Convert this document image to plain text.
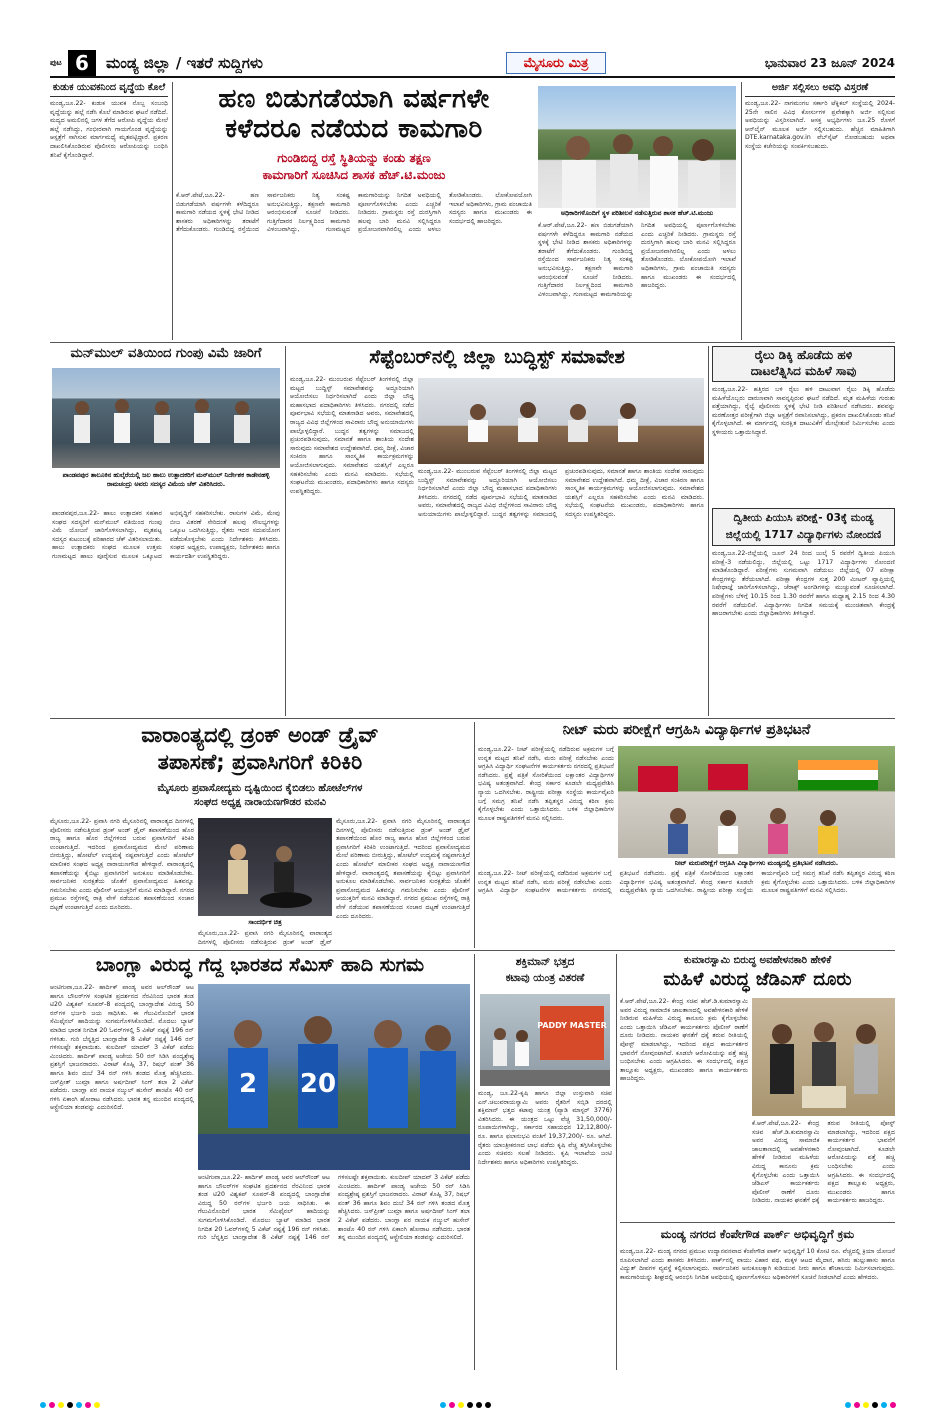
ಪುಟ 6	ಮಂಡ್ಯ ಜಿಲ್ಲಾ / ಇತರೆ ಸುದ್ದಿಗಳು	ಮೈಸೂರು ಮಿತ್ರ	ಭಾನುವಾರ 23 ಜೂನ್ 2024
ಕುಡುಕ ಯುವಕನಿಂದ ವೃದ್ಧೆಯ ಕೊಲೆ
ಮಂಡ್ಯ,ಜೂ.22- ಕುಡುಕ ಯುವಕ ನೊಬ್ಬ ಸಂಬಂಧಿ ವೃದ್ಧೆಯನ್ನು ಹಲ್ಲೆ ನಡೆಸಿ ಕೊಲೆ ಮಾಡಿರುವ ಘಟನೆ ನಡೆದಿದೆ. ಮದ್ಯದ ಅಮಲಿನಲ್ಲಿ ಜಗಳ ತೆಗೆದ ಆರೋಪಿ ವೃದ್ಧೆಯ ಮೇಲೆ ಹಲ್ಲೆ ನಡೆಸಿದ್ದು, ಗಂಭೀರವಾಗಿ ಗಾಯಗೊಂಡ ವೃದ್ಧೆಯನ್ನು ಆಸ್ಪತ್ರೆಗೆ ಸಾಗಿಸುವ ಮಾರ್ಗಮಧ್ಯೆ ಮೃತಪಟ್ಟಿದ್ದಾರೆ. ಪ್ರಕರಣ ದಾಖಲಿಸಿಕೊಂಡಿರುವ ಪೊಲೀಸರು ಆರೋಪಿಯನ್ನು ಬಂಧಿಸಿ ತನಿಖೆ ಕೈಗೊಂಡಿದ್ದಾರೆ.
ಹಣ ಬಿಡುಗಡೆಯಾಗಿ ವರ್ಷಗಳೇ
ಕಳೆದರೂ ನಡೆಯದ ಕಾಮಗಾರಿ
ಗುಂಡಿಬಿದ್ದ ರಸ್ತೆ ಸ್ಥಿತಿಯನ್ನು ಕಂಡು ತಕ್ಷಣ
ಕಾಮಗಾರಿಗೆ ಸೂಚಿಸಿದ ಶಾಸಕ ಹೆಚ್.ಟಿ.ಮಂಜು
ಕೆ.ಆರ್.ಪೇಟೆ,ಜೂ.22- ಹಣ ಬಿಡುಗಡೆಯಾಗಿ ವರ್ಷಗಳೇ ಕಳೆದಿದ್ದರೂ ಕಾಮಗಾರಿ ನಡೆಯದ ಸ್ಥಳಕ್ಕೆ ಭೇಟಿ ನೀಡಿದ ಶಾಸಕರು ಅಧಿಕಾರಿಗಳನ್ನು ತರಾಟೆಗೆ ತೆಗೆದುಕೊಂಡರು. ಗುಂಡಿಬಿದ್ದ ರಸ್ತೆಯಿಂದ ಸಾರ್ವಜನಿಕರು ನಿತ್ಯ ಸಂಕಷ್ಟ ಅನುಭವಿಸುತ್ತಿದ್ದು, ತಕ್ಷಣವೇ ಕಾಮಗಾರಿ ಆರಂಭಿಸುವಂತೆ ಸೂಚನೆ ನೀಡಿದರು. ಗುತ್ತಿಗೆದಾರರ ನಿರ್ಲಕ್ಷ್ಯದಿಂದ ಕಾಮಗಾರಿ ವಿಳಂಬವಾಗಿದ್ದು, ಗುಣಮಟ್ಟದ ಕಾಮಗಾರಿಯನ್ನು ನಿಗದಿತ ಅವಧಿಯಲ್ಲಿ ಪೂರ್ಣಗೊಳಿಸಬೇಕು ಎಂದು ಎಚ್ಚರಿಕೆ ನೀಡಿದರು. ಗ್ರಾಮಸ್ಥರು ರಸ್ತೆ ದುರಸ್ತಿಗಾಗಿ ಹಲವು ಬಾರಿ ಮನವಿ ಸಲ್ಲಿಸಿದ್ದರೂ ಪ್ರಯೋಜನವಾಗಿರಲಿಲ್ಲ ಎಂದು ಅಳಲು ತೋಡಿಕೊಂಡರು. ಲೋಕೋಪಯೋಗಿ ಇಲಾಖೆ ಅಧಿಕಾರಿಗಳು, ಗ್ರಾಮ ಪಂಚಾಯಿತಿ ಸದಸ್ಯರು ಹಾಗೂ ಮುಖಂಡರು ಈ ಸಂದರ್ಭದಲ್ಲಿ ಹಾಜರಿದ್ದರು.
ಅಧಿಕಾರಿಗಳೊಂದಿಗೆ ಸ್ಥಳ ಪರಿಶೀಲನೆ ನಡೆಸುತ್ತಿರುವ ಶಾಸಕ ಹೆಚ್.ಟಿ.ಮಂಜು
ಕೆ.ಆರ್.ಪೇಟೆ,ಜೂ.22- ಹಣ ಬಿಡುಗಡೆಯಾಗಿ ವರ್ಷಗಳೇ ಕಳೆದಿದ್ದರೂ ಕಾಮಗಾರಿ ನಡೆಯದ ಸ್ಥಳಕ್ಕೆ ಭೇಟಿ ನೀಡಿದ ಶಾಸಕರು ಅಧಿಕಾರಿಗಳನ್ನು ತರಾಟೆಗೆ ತೆಗೆದುಕೊಂಡರು. ಗುಂಡಿಬಿದ್ದ ರಸ್ತೆಯಿಂದ ಸಾರ್ವಜನಿಕರು ನಿತ್ಯ ಸಂಕಷ್ಟ ಅನುಭವಿಸುತ್ತಿದ್ದು, ತಕ್ಷಣವೇ ಕಾಮಗಾರಿ ಆರಂಭಿಸುವಂತೆ ಸೂಚನೆ ನೀಡಿದರು. ಗುತ್ತಿಗೆದಾರರ ನಿರ್ಲಕ್ಷ್ಯದಿಂದ ಕಾಮಗಾರಿ ವಿಳಂಬವಾಗಿದ್ದು, ಗುಣಮಟ್ಟದ ಕಾಮಗಾರಿಯನ್ನು ನಿಗದಿತ ಅವಧಿಯಲ್ಲಿ ಪೂರ್ಣಗೊಳಿಸಬೇಕು ಎಂದು ಎಚ್ಚರಿಕೆ ನೀಡಿದರು. ಗ್ರಾಮಸ್ಥರು ರಸ್ತೆ ದುರಸ್ತಿಗಾಗಿ ಹಲವು ಬಾರಿ ಮನವಿ ಸಲ್ಲಿಸಿದ್ದರೂ ಪ್ರಯೋಜನವಾಗಿರಲಿಲ್ಲ ಎಂದು ಅಳಲು ತೋಡಿಕೊಂಡರು. ಲೋಕೋಪಯೋಗಿ ಇಲಾಖೆ ಅಧಿಕಾರಿಗಳು, ಗ್ರಾಮ ಪಂಚಾಯಿತಿ ಸದಸ್ಯರು ಹಾಗೂ ಮುಖಂಡರು ಈ ಸಂದರ್ಭದಲ್ಲಿ ಹಾಜರಿದ್ದರು.
ಅರ್ಜಿ ಸಲ್ಲಿಸಲು ಅವಧಿ ವಿಸ್ತರಣೆ
ಮಂಡ್ಯ,ಜೂ.22- ನಾಗಮಂಗಲ ಸರ್ಕಾರಿ ಟೆಕ್ನಿಕಲ್ ಸಂಸ್ಥೆಯಲ್ಲಿ 2024-25ನೇ ಸಾಲಿನ ವಿವಿಧ ಕೋರ್ಸುಗಳ ಪ್ರವೇಶಕ್ಕಾಗಿ ಅರ್ಜಿ ಸಲ್ಲಿಸುವ ಅವಧಿಯನ್ನು ವಿಸ್ತರಿಸಲಾಗಿದೆ. ಆಸಕ್ತ ಅಭ್ಯರ್ಥಿಗಳು ಜೂ.25 ರೊಳಗೆ ಆನ್‌ಲೈನ್ ಮೂಲಕ ಅರ್ಜಿ ಸಲ್ಲಿಸಬಹುದು. ಹೆಚ್ಚಿನ ಮಾಹಿತಿಗಾಗಿ DTE.karnataka.gov.in ವೆಬ್‌ಸೈಟ್ ನೋಡಬಹುದು ಅಥವಾ ಸಂಸ್ಥೆಯ ಕಚೇರಿಯನ್ನು ಸಂಪರ್ಕಿಸಬಹುದು.
ಮನ್‌ಮುಲ್ ವತಿಯಿಂದ ಗುಂಪು ವಿಮೆ ಜಾರಿಗೆ
ಪಾಂಡವಪುರ ತಾಲೂಕಿನ ಹುಲ್ಕೆರೆಯಲ್ಲಿ ಜಲ ಹಾಲು ಉತ್ಪಾದಕರಿಗೆ ಮನ್‌ಮುಲ್ ನಿರ್ದೇಶಕ ಕಾಡೇನಹಳ್ಳಿ ರಾಮಚಂದ್ರು ಅವರು ಸದಸ್ಯರ ವಿಮೆಯ ಚೆಕ್ ವಿತರಿಸಿದರು.
ಪಾಂಡವಪುರ,ಜೂ.22- ಹಾಲು ಉತ್ಪಾದಕರ ಸಹಕಾರ ಸಂಘದ ಸದಸ್ಯರಿಗೆ ಮನ್‌ಮುಲ್ ವತಿಯಿಂದ ಗುಂಪು ವಿಮೆ ಯೋಜನೆ ಜಾರಿಗೊಳಿಸಲಾಗಿದ್ದು, ಮೃತಪಟ್ಟ ಸದಸ್ಯರ ಕುಟುಂಬಕ್ಕೆ ಪರಿಹಾರದ ಚೆಕ್ ವಿತರಿಸಲಾಯಿತು. ಹಾಲು ಉತ್ಪಾದಕರು ಸಂಘದ ಮೂಲಕ ಉತ್ತಮ ಗುಣಮಟ್ಟದ ಹಾಲು ಪೂರೈಸುವ ಮೂಲಕ ಒಕ್ಕೂಟದ ಅಭಿವೃದ್ಧಿಗೆ ಸಹಕರಿಸಬೇಕು. ರಾಸುಗಳ ವಿಮೆ, ಮೇವು ಬೀಜ ವಿತರಣೆ ಸೇರಿದಂತೆ ಹಲವು ಸೌಲಭ್ಯಗಳನ್ನು ಒಕ್ಕೂಟ ಒದಗಿಸುತ್ತಿದ್ದು, ರೈತರು ಇದರ ಸದುಪಯೋಗ ಪಡೆದುಕೊಳ್ಳಬೇಕು ಎಂದು ನಿರ್ದೇಶಕರು ತಿಳಿಸಿದರು. ಸಂಘದ ಅಧ್ಯಕ್ಷರು, ಉಪಾಧ್ಯಕ್ಷರು, ನಿರ್ದೇಶಕರು ಹಾಗೂ ಕಾರ್ಯದರ್ಶಿ ಉಪಸ್ಥಿತರಿದ್ದರು.
ಸೆಪ್ಟೆಂಬರ್‌ನಲ್ಲಿ ಜಿಲ್ಲಾ ಬುದ್ಧಿಸ್ಟ್ ಸಮಾವೇಶ
ಮಂಡ್ಯ,ಜೂ.22- ಮುಂಬರುವ ಸೆಪ್ಟೆಂಬರ್ ತಿಂಗಳಿನಲ್ಲಿ ಜಿಲ್ಲಾ ಮಟ್ಟದ ಬುದ್ಧಿಸ್ಟ್ ಸಮಾವೇಶವನ್ನು ಅದ್ಧೂರಿಯಾಗಿ ಆಯೋಜಿಸಲು ನಿರ್ಧರಿಸಲಾಗಿದೆ ಎಂದು ಜಿಲ್ಲಾ ಬೌದ್ಧ ಮಹಾಸಭಾದ ಪದಾಧಿಕಾರಿಗಳು ತಿಳಿಸಿದರು. ನಗರದಲ್ಲಿ ನಡೆದ ಪೂರ್ವಭಾವಿ ಸಭೆಯಲ್ಲಿ ಮಾತನಾಡಿದ ಅವರು, ಸಮಾವೇಶದಲ್ಲಿ ರಾಜ್ಯದ ವಿವಿಧ ಜಿಲ್ಲೆಗಳಿಂದ ಸಾವಿರಾರು ಬೌದ್ಧ ಅನುಯಾಯಿಗಳು ಪಾಲ್ಗೊಳ್ಳಲಿದ್ದಾರೆ. ಬುದ್ಧನ ತತ್ವಗಳನ್ನು ಸಮಾಜದಲ್ಲಿ ಪ್ರಚುರಪಡಿಸುವುದು, ಸಮಾನತೆ ಹಾಗೂ ಶಾಂತಿಯ ಸಂದೇಶ ಸಾರುವುದು ಸಮಾವೇಶದ ಉದ್ದೇಶವಾಗಿದೆ. ಧಮ್ಮ ದೀಕ್ಷೆ, ವಿಚಾರ ಸಂಕಿರಣ ಹಾಗೂ ಸಾಂಸ್ಕೃತಿಕ ಕಾರ್ಯಕ್ರಮಗಳನ್ನು ಆಯೋಜಿಸಲಾಗುವುದು. ಸಮಾವೇಶದ ಯಶಸ್ಸಿಗೆ ಎಲ್ಲರೂ ಸಹಕರಿಸಬೇಕು ಎಂದು ಮನವಿ ಮಾಡಿದರು. ಸಭೆಯಲ್ಲಿ ಸಂಘಟನೆಯ ಮುಖಂಡರು, ಪದಾಧಿಕಾರಿಗಳು ಹಾಗೂ ಸದಸ್ಯರು ಉಪಸ್ಥಿತರಿದ್ದರು.
ಮಂಡ್ಯ,ಜೂ.22- ಮುಂಬರುವ ಸೆಪ್ಟೆಂಬರ್ ತಿಂಗಳಿನಲ್ಲಿ ಜಿಲ್ಲಾ ಮಟ್ಟದ ಬುದ್ಧಿಸ್ಟ್ ಸಮಾವೇಶವನ್ನು ಅದ್ಧೂರಿಯಾಗಿ ಆಯೋಜಿಸಲು ನಿರ್ಧರಿಸಲಾಗಿದೆ ಎಂದು ಜಿಲ್ಲಾ ಬೌದ್ಧ ಮಹಾಸಭಾದ ಪದಾಧಿಕಾರಿಗಳು ತಿಳಿಸಿದರು. ನಗರದಲ್ಲಿ ನಡೆದ ಪೂರ್ವಭಾವಿ ಸಭೆಯಲ್ಲಿ ಮಾತನಾಡಿದ ಅವರು, ಸಮಾವೇಶದಲ್ಲಿ ರಾಜ್ಯದ ವಿವಿಧ ಜಿಲ್ಲೆಗಳಿಂದ ಸಾವಿರಾರು ಬೌದ್ಧ ಅನುಯಾಯಿಗಳು ಪಾಲ್ಗೊಳ್ಳಲಿದ್ದಾರೆ. ಬುದ್ಧನ ತತ್ವಗಳನ್ನು ಸಮಾಜದಲ್ಲಿ ಪ್ರಚುರಪಡಿಸುವುದು, ಸಮಾನತೆ ಹಾಗೂ ಶಾಂತಿಯ ಸಂದೇಶ ಸಾರುವುದು ಸಮಾವೇಶದ ಉದ್ದೇಶವಾಗಿದೆ. ಧಮ್ಮ ದೀಕ್ಷೆ, ವಿಚಾರ ಸಂಕಿರಣ ಹಾಗೂ ಸಾಂಸ್ಕೃತಿಕ ಕಾರ್ಯಕ್ರಮಗಳನ್ನು ಆಯೋಜಿಸಲಾಗುವುದು. ಸಮಾವೇಶದ ಯಶಸ್ಸಿಗೆ ಎಲ್ಲರೂ ಸಹಕರಿಸಬೇಕು ಎಂದು ಮನವಿ ಮಾಡಿದರು. ಸಭೆಯಲ್ಲಿ ಸಂಘಟನೆಯ ಮುಖಂಡರು, ಪದಾಧಿಕಾರಿಗಳು ಹಾಗೂ ಸದಸ್ಯರು ಉಪಸ್ಥಿತರಿದ್ದರು.
ರೈಲು ಡಿಕ್ಕಿ ಹೊಡೆದು ಹಳಿ
ದಾಟಲೆತ್ನಿಸಿದ ಮಹಿಳೆ ಸಾವು
ಮಂಡ್ಯ,ಜೂ.22- ಹತ್ತಿರದ ಬಳಿ ರೈಲು ಹಳಿ ದಾಟುವಾಗ ರೈಲು ಡಿಕ್ಕಿ ಹೊಡೆದು ಮಹಿಳೆಯೊಬ್ಬರು ದಾರುಣವಾಗಿ ಸಾವನ್ನಪ್ಪಿರುವ ಘಟನೆ ನಡೆದಿದೆ. ಮೃತ ಮಹಿಳೆಯ ಗುರುತು ಪತ್ತೆಯಾಗಿದ್ದು, ರೈಲ್ವೆ ಪೊಲೀಸರು ಸ್ಥಳಕ್ಕೆ ಭೇಟಿ ನೀಡಿ ಪರಿಶೀಲನೆ ನಡೆಸಿದರು. ಶವವನ್ನು ಮರಣೋತ್ತರ ಪರೀಕ್ಷೆಗಾಗಿ ಜಿಲ್ಲಾ ಆಸ್ಪತ್ರೆಗೆ ರವಾನಿಸಲಾಗಿದ್ದು, ಪ್ರಕರಣ ದಾಖಲಿಸಿಕೊಂಡು ತನಿಖೆ ಕೈಗೊಳ್ಳಲಾಗಿದೆ. ಈ ಮಾರ್ಗದಲ್ಲಿ ಸುರಕ್ಷಿತ ದಾಟುವಿಕೆಗೆ ಮೇಲ್ಸೇತುವೆ ನಿರ್ಮಿಸಬೇಕು ಎಂದು ಸ್ಥಳೀಯರು ಒತ್ತಾಯಿಸಿದ್ದಾರೆ.
ದ್ವಿತೀಯ ಪಿಯುಸಿ ಪರೀಕ್ಷೆ- 03ಕ್ಕೆ ಮಂಡ್ಯ
ಜಿಲ್ಲೆಯಲ್ಲಿ 1717 ವಿದ್ಯಾರ್ಥಿಗಳು ನೋಂದಣಿ
ಮಂಡ್ಯ,ಜೂ.22-ಜಿಲ್ಲೆಯಲ್ಲಿ ಜೂನ್ 24 ರಿಂದ ಜುಲೈ 5 ರವರೆಗೆ ದ್ವಿತೀಯ ಪಿಯುಸಿ ಪರೀಕ್ಷೆ-3 ನಡೆಯಲಿದ್ದು, ಜಿಲ್ಲೆಯಲ್ಲಿ ಒಟ್ಟು 1717 ವಿದ್ಯಾರ್ಥಿಗಳು ನೋಂದಣಿ ಮಾಡಿಕೊಂಡಿದ್ದಾರೆ. ಪರೀಕ್ಷೆಗಳು ಸುಗಮವಾಗಿ ನಡೆಯಲು ಜಿಲ್ಲೆಯಲ್ಲಿ 07 ಪರೀಕ್ಷಾ ಕೇಂದ್ರಗಳನ್ನು ತೆರೆಯಲಾಗಿದೆ. ಪರೀಕ್ಷಾ ಕೇಂದ್ರಗಳ ಸುತ್ತ 200 ಮೀಟರ್ ವ್ಯಾಪ್ತಿಯಲ್ಲಿ ನಿಷೇಧಾಜ್ಞೆ ಜಾರಿಗೊಳಿಸಲಾಗಿದ್ದು, ಜೆರಾಕ್ಸ್ ಅಂಗಡಿಗಳನ್ನು ಮುಚ್ಚುವಂತೆ ಸೂಚಿಸಲಾಗಿದೆ. ಪರೀಕ್ಷೆಗಳು ಬೆಳಿಗ್ಗೆ 10.15 ರಿಂದ 1.30 ರವರೆಗೆ ಹಾಗೂ ಮಧ್ಯಾಹ್ನ 2.15 ರಿಂದ 4.30 ರವರೆಗೆ ನಡೆಯಲಿವೆ. ವಿದ್ಯಾರ್ಥಿಗಳು ನಿಗದಿತ ಸಮಯಕ್ಕೆ ಮುಂಚಿತವಾಗಿ ಕೇಂದ್ರಕ್ಕೆ ಹಾಜರಾಗಬೇಕು ಎಂದು ಜಿಲ್ಲಾಧಿಕಾರಿಗಳು ತಿಳಿಸಿದ್ದಾರೆ.
ವಾರಾಂತ್ಯದಲ್ಲಿ ಡ್ರಂಕ್ ಅಂಡ್ ಡ್ರೈವ್
ತಪಾಸಣೆ; ಪ್ರವಾಸಿಗರಿಗೆ ಕಿರಿಕಿರಿ
ಮೈಸೂರು ಪ್ರವಾಸೋದ್ಯಮ ದೃಷ್ಟಿಯಿಂದ ಕೈಬಿಡಲು ಹೋಟೆಲ್‌ಗಳ
ಸಂಘದ ಅಧ್ಯಕ್ಷ ನಾರಾಯಣಗೌಡರ ಮನವಿ
ಮೈಸೂರು,ಜೂ.22- ಪ್ರವಾಸಿ ನಗರಿ ಮೈಸೂರಿನಲ್ಲಿ ವಾರಾಂತ್ಯದ ದಿನಗಳಲ್ಲಿ ಪೊಲೀಸರು ನಡೆಸುತ್ತಿರುವ ಡ್ರಂಕ್ ಅಂಡ್ ಡ್ರೈವ್ ತಪಾಸಣೆಯಿಂದ ಹೊರ ರಾಜ್ಯ ಹಾಗೂ ಹೊರ ಜಿಲ್ಲೆಗಳಿಂದ ಬರುವ ಪ್ರವಾಸಿಗರಿಗೆ ಕಿರಿಕಿರಿ ಉಂಟಾಗುತ್ತಿದೆ. ಇದರಿಂದ ಪ್ರವಾಸೋದ್ಯಮದ ಮೇಲೆ ಪರಿಣಾಮ ಬೀರುತ್ತಿದ್ದು, ಹೋಟೆಲ್ ಉದ್ಯಮಕ್ಕೆ ನಷ್ಟವಾಗುತ್ತಿದೆ ಎಂದು ಹೋಟೆಲ್ ಮಾಲೀಕರ ಸಂಘದ ಅಧ್ಯಕ್ಷ ನಾರಾಯಣಗೌಡ ಹೇಳಿದ್ದಾರೆ. ವಾರಾಂತ್ಯದಲ್ಲಿ ತಪಾಸಣೆಯನ್ನು ಕೈಬಿಟ್ಟು ಪ್ರವಾಸಿಗರಿಗೆ ಅನುಕೂಲ ಮಾಡಿಕೊಡಬೇಕು. ಸಾರ್ವಜನಿಕರ ಸುರಕ್ಷತೆಯ ಜೊತೆಗೆ ಪ್ರವಾಸೋದ್ಯಮದ ಹಿತವನ್ನೂ ಗಮನಿಸಬೇಕು ಎಂದು ಪೊಲೀಸ್ ಆಯುಕ್ತರಿಗೆ ಮನವಿ ಮಾಡಿದ್ದಾರೆ. ನಗರದ ಪ್ರಮುಖ ರಸ್ತೆಗಳಲ್ಲಿ ರಾತ್ರಿ ವೇಳೆ ನಡೆಯುವ ತಪಾಸಣೆಯಿಂದ ಸಂಚಾರ ದಟ್ಟಣೆ ಉಂಟಾಗುತ್ತಿದೆ ಎಂದು ದೂರಿದರು.
ಸಾಂದರ್ಭಿಕ ಚಿತ್ರ
ಮೈಸೂರು,ಜೂ.22- ಪ್ರವಾಸಿ ನಗರಿ ಮೈಸೂರಿನಲ್ಲಿ ವಾರಾಂತ್ಯದ ದಿನಗಳಲ್ಲಿ ಪೊಲೀಸರು ನಡೆಸುತ್ತಿರುವ ಡ್ರಂಕ್ ಅಂಡ್ ಡ್ರೈವ್
ಮೈಸೂರು,ಜೂ.22- ಪ್ರವಾಸಿ ನಗರಿ ಮೈಸೂರಿನಲ್ಲಿ ವಾರಾಂತ್ಯದ ದಿನಗಳಲ್ಲಿ ಪೊಲೀಸರು ನಡೆಸುತ್ತಿರುವ ಡ್ರಂಕ್ ಅಂಡ್ ಡ್ರೈವ್ ತಪಾಸಣೆಯಿಂದ ಹೊರ ರಾಜ್ಯ ಹಾಗೂ ಹೊರ ಜಿಲ್ಲೆಗಳಿಂದ ಬರುವ ಪ್ರವಾಸಿಗರಿಗೆ ಕಿರಿಕಿರಿ ಉಂಟಾಗುತ್ತಿದೆ. ಇದರಿಂದ ಪ್ರವಾಸೋದ್ಯಮದ ಮೇಲೆ ಪರಿಣಾಮ ಬೀರುತ್ತಿದ್ದು, ಹೋಟೆಲ್ ಉದ್ಯಮಕ್ಕೆ ನಷ್ಟವಾಗುತ್ತಿದೆ ಎಂದು ಹೋಟೆಲ್ ಮಾಲೀಕರ ಸಂಘದ ಅಧ್ಯಕ್ಷ ನಾರಾಯಣಗೌಡ ಹೇಳಿದ್ದಾರೆ. ವಾರಾಂತ್ಯದಲ್ಲಿ ತಪಾಸಣೆಯನ್ನು ಕೈಬಿಟ್ಟು ಪ್ರವಾಸಿಗರಿಗೆ ಅನುಕೂಲ ಮಾಡಿಕೊಡಬೇಕು. ಸಾರ್ವಜನಿಕರ ಸುರಕ್ಷತೆಯ ಜೊತೆಗೆ ಪ್ರವಾಸೋದ್ಯಮದ ಹಿತವನ್ನೂ ಗಮನಿಸಬೇಕು ಎಂದು ಪೊಲೀಸ್ ಆಯುಕ್ತರಿಗೆ ಮನವಿ ಮಾಡಿದ್ದಾರೆ. ನಗರದ ಪ್ರಮುಖ ರಸ್ತೆಗಳಲ್ಲಿ ರಾತ್ರಿ ವೇಳೆ ನಡೆಯುವ ತಪಾಸಣೆಯಿಂದ ಸಂಚಾರ ದಟ್ಟಣೆ ಉಂಟಾಗುತ್ತಿದೆ ಎಂದು ದೂರಿದರು.
ನೀಟ್ ಮರು ಪರೀಕ್ಷೆಗೆ ಆಗ್ರಹಿಸಿ ವಿದ್ಯಾರ್ಥಿಗಳ ಪ್ರತಿಭಟನೆ
ಮಂಡ್ಯ,ಜೂ.22- ನೀಟ್ ಪರೀಕ್ಷೆಯಲ್ಲಿ ನಡೆದಿರುವ ಅಕ್ರಮಗಳ ಬಗ್ಗೆ ಉನ್ನತ ಮಟ್ಟದ ತನಿಖೆ ನಡೆಸಿ, ಮರು ಪರೀಕ್ಷೆ ನಡೆಸಬೇಕು ಎಂದು ಆಗ್ರಹಿಸಿ ವಿದ್ಯಾರ್ಥಿ ಸಂಘಟನೆಗಳ ಕಾರ್ಯಕರ್ತರು ನಗರದಲ್ಲಿ ಪ್ರತಿಭಟನೆ ನಡೆಸಿದರು. ಪ್ರಶ್ನೆ ಪತ್ರಿಕೆ ಸೋರಿಕೆಯಿಂದ ಲಕ್ಷಾಂತರ ವಿದ್ಯಾರ್ಥಿಗಳ ಭವಿಷ್ಯ ಅತಂತ್ರವಾಗಿದೆ. ಕೇಂದ್ರ ಸರ್ಕಾರ ಕೂಡಲೇ ಮಧ್ಯಪ್ರವೇಶಿಸಿ ನ್ಯಾಯ ಒದಗಿಸಬೇಕು. ರಾಷ್ಟ್ರೀಯ ಪರೀಕ್ಷಾ ಸಂಸ್ಥೆಯ ಕಾರ್ಯವೈಖರಿ ಬಗ್ಗೆ ಸಮಗ್ರ ತನಿಖೆ ನಡೆಸಿ ತಪ್ಪಿತಸ್ಥರ ವಿರುದ್ಧ ಕಠಿಣ ಕ್ರಮ ಕೈಗೊಳ್ಳಬೇಕು ಎಂದು ಒತ್ತಾಯಿಸಿದರು. ಬಳಿಕ ಜಿಲ್ಲಾಧಿಕಾರಿಗಳ ಮೂಲಕ ರಾಷ್ಟ್ರಪತಿಗಳಿಗೆ ಮನವಿ ಸಲ್ಲಿಸಿದರು.
ನೀಟ್ ಮರುಪರೀಕ್ಷೆಗೆ ಆಗ್ರಹಿಸಿ ವಿದ್ಯಾರ್ಥಿಗಳು ಮಂಡ್ಯದಲ್ಲಿ ಪ್ರತಿಭಟನೆ ನಡೆಸಿದರು.
ಮಂಡ್ಯ,ಜೂ.22- ನೀಟ್ ಪರೀಕ್ಷೆಯಲ್ಲಿ ನಡೆದಿರುವ ಅಕ್ರಮಗಳ ಬಗ್ಗೆ ಉನ್ನತ ಮಟ್ಟದ ತನಿಖೆ ನಡೆಸಿ, ಮರು ಪರೀಕ್ಷೆ ನಡೆಸಬೇಕು ಎಂದು ಆಗ್ರಹಿಸಿ ವಿದ್ಯಾರ್ಥಿ ಸಂಘಟನೆಗಳ ಕಾರ್ಯಕರ್ತರು ನಗರದಲ್ಲಿ ಪ್ರತಿಭಟನೆ ನಡೆಸಿದರು. ಪ್ರಶ್ನೆ ಪತ್ರಿಕೆ ಸೋರಿಕೆಯಿಂದ ಲಕ್ಷಾಂತರ ವಿದ್ಯಾರ್ಥಿಗಳ ಭವಿಷ್ಯ ಅತಂತ್ರವಾಗಿದೆ. ಕೇಂದ್ರ ಸರ್ಕಾರ ಕೂಡಲೇ ಮಧ್ಯಪ್ರವೇಶಿಸಿ ನ್ಯಾಯ ಒದಗಿಸಬೇಕು. ರಾಷ್ಟ್ರೀಯ ಪರೀಕ್ಷಾ ಸಂಸ್ಥೆಯ ಕಾರ್ಯವೈಖರಿ ಬಗ್ಗೆ ಸಮಗ್ರ ತನಿಖೆ ನಡೆಸಿ ತಪ್ಪಿತಸ್ಥರ ವಿರುದ್ಧ ಕಠಿಣ ಕ್ರಮ ಕೈಗೊಳ್ಳಬೇಕು ಎಂದು ಒತ್ತಾಯಿಸಿದರು. ಬಳಿಕ ಜಿಲ್ಲಾಧಿಕಾರಿಗಳ ಮೂಲಕ ರಾಷ್ಟ್ರಪತಿಗಳಿಗೆ ಮನವಿ ಸಲ್ಲಿಸಿದರು.
ಬಾಂಗ್ಲಾ ವಿರುದ್ಧ ಗೆದ್ದ ಭಾರತದ ಸೆಮಿಸ್ ಹಾದಿ ಸುಗಮ
ಆಂಟಿಗುವಾ,ಜೂ.22- ಹಾರ್ದಿಕ್ ಪಾಂಡ್ಯ ಅವರ ಆಲ್‌ರೌಂಡ್ ಆಟ ಹಾಗೂ ಬೌಲರ್‌ಗಳ ಸಂಘಟಿತ ಪ್ರದರ್ಶನದ ನೆರವಿನಿಂದ ಭಾರತ ತಂಡ ಟಿ20 ವಿಶ್ವಕಪ್ ಸೂಪರ್-8 ಪಂದ್ಯದಲ್ಲಿ ಬಾಂಗ್ಲಾದೇಶ ವಿರುದ್ಧ 50 ರನ್‌ಗಳ ಭರ್ಜರಿ ಜಯ ಸಾಧಿಸಿತು. ಈ ಗೆಲುವಿನೊಂದಿಗೆ ಭಾರತ ಸೆಮಿಫೈನಲ್ ಹಾದಿಯನ್ನು ಸುಗಮಗೊಳಿಸಿಕೊಂಡಿದೆ. ಮೊದಲು ಬ್ಯಾಟ್ ಮಾಡಿದ ಭಾರತ ನಿಗದಿತ 20 ಓವರ್‌ಗಳಲ್ಲಿ 5 ವಿಕೆಟ್ ನಷ್ಟಕ್ಕೆ 196 ರನ್ ಗಳಿಸಿತು. ಗುರಿ ಬೆನ್ನತ್ತಿದ ಬಾಂಗ್ಲಾದೇಶ 8 ವಿಕೆಟ್ ನಷ್ಟಕ್ಕೆ 146 ರನ್ ಗಳಿಸಲಷ್ಟೇ ಶಕ್ತವಾಯಿತು. ಕುಲದೀಪ್ ಯಾದವ್ 3 ವಿಕೆಟ್ ಪಡೆದು ಮಿಂಚಿದರು. ಹಾರ್ದಿಕ್ ಪಾಂಡ್ಯ ಅಜೇಯ 50 ರನ್ ಸಿಡಿಸಿ ಪಂದ್ಯಶ್ರೇಷ್ಠ ಪ್ರಶಸ್ತಿಗೆ ಭಾಜನರಾದರು. ವಿರಾಟ್ ಕೊಹ್ಲಿ 37, ರಿಷಭ್ ಪಂತ್ 36 ಹಾಗೂ ಶಿವಂ ದುಬೆ 34 ರನ್ ಗಳಿಸಿ ತಂಡದ ಮೊತ್ತ ಹೆಚ್ಚಿಸಿದರು. ಜಸ್‌ಪ್ರೀತ್ ಬುಮ್ರಾ ಹಾಗೂ ಅರ್ಷದೀಪ್ ಸಿಂಗ್ ತಲಾ 2 ವಿಕೆಟ್ ಪಡೆದರು. ಬಾಂಗ್ಲಾ ಪರ ನಾಯಕ ನಜ್ಮುಲ್ ಹುಸೇನ್ ಶಾಂಟೊ 40 ರನ್ ಗಳಿಸಿ ಏಕಾಂಗಿ ಹೋರಾಟ ನಡೆಸಿದರು. ಭಾರತ ತನ್ನ ಮುಂದಿನ ಪಂದ್ಯದಲ್ಲಿ ಆಸ್ಟ್ರೇಲಿಯಾ ತಂಡವನ್ನು ಎದುರಿಸಲಿದೆ.
2 20
ಆಂಟಿಗುವಾ,ಜೂ.22- ಹಾರ್ದಿಕ್ ಪಾಂಡ್ಯ ಅವರ ಆಲ್‌ರೌಂಡ್ ಆಟ ಹಾಗೂ ಬೌಲರ್‌ಗಳ ಸಂಘಟಿತ ಪ್ರದರ್ಶನದ ನೆರವಿನಿಂದ ಭಾರತ ತಂಡ ಟಿ20 ವಿಶ್ವಕಪ್ ಸೂಪರ್-8 ಪಂದ್ಯದಲ್ಲಿ ಬಾಂಗ್ಲಾದೇಶ ವಿರುದ್ಧ 50 ರನ್‌ಗಳ ಭರ್ಜರಿ ಜಯ ಸಾಧಿಸಿತು. ಈ ಗೆಲುವಿನೊಂದಿಗೆ ಭಾರತ ಸೆಮಿಫೈನಲ್ ಹಾದಿಯನ್ನು ಸುಗಮಗೊಳಿಸಿಕೊಂಡಿದೆ. ಮೊದಲು ಬ್ಯಾಟ್ ಮಾಡಿದ ಭಾರತ ನಿಗದಿತ 20 ಓವರ್‌ಗಳಲ್ಲಿ 5 ವಿಕೆಟ್ ನಷ್ಟಕ್ಕೆ 196 ರನ್ ಗಳಿಸಿತು. ಗುರಿ ಬೆನ್ನತ್ತಿದ ಬಾಂಗ್ಲಾದೇಶ 8 ವಿಕೆಟ್ ನಷ್ಟಕ್ಕೆ 146 ರನ್ ಗಳಿಸಲಷ್ಟೇ ಶಕ್ತವಾಯಿತು. ಕುಲದೀಪ್ ಯಾದವ್ 3 ವಿಕೆಟ್ ಪಡೆದು ಮಿಂಚಿದರು. ಹಾರ್ದಿಕ್ ಪಾಂಡ್ಯ ಅಜೇಯ 50 ರನ್ ಸಿಡಿಸಿ ಪಂದ್ಯಶ್ರೇಷ್ಠ ಪ್ರಶಸ್ತಿಗೆ ಭಾಜನರಾದರು. ವಿರಾಟ್ ಕೊಹ್ಲಿ 37, ರಿಷಭ್ ಪಂತ್ 36 ಹಾಗೂ ಶಿವಂ ದುಬೆ 34 ರನ್ ಗಳಿಸಿ ತಂಡದ ಮೊತ್ತ ಹೆಚ್ಚಿಸಿದರು. ಜಸ್‌ಪ್ರೀತ್ ಬುಮ್ರಾ ಹಾಗೂ ಅರ್ಷದೀಪ್ ಸಿಂಗ್ ತಲಾ 2 ವಿಕೆಟ್ ಪಡೆದರು. ಬಾಂಗ್ಲಾ ಪರ ನಾಯಕ ನಜ್ಮುಲ್ ಹುಸೇನ್ ಶಾಂಟೊ 40 ರನ್ ಗಳಿಸಿ ಏಕಾಂಗಿ ಹೋರಾಟ ನಡೆಸಿದರು. ಭಾರತ ತನ್ನ ಮುಂದಿನ ಪಂದ್ಯದಲ್ಲಿ ಆಸ್ಟ್ರೇಲಿಯಾ ತಂಡವನ್ನು ಎದುರಿಸಲಿದೆ.
ಶಕ್ತಿಮಾನ್ ಭತ್ತದ
ಕಟಾವು ಯಂತ್ರ ವಿತರಣೆ
PADDY MASTER
ಮಂಡ್ಯ, ಜೂ.22-ಕೃಷಿ ಹಾಗೂ ಜಿಲ್ಲಾ ಉಸ್ತುವಾರಿ ಸಚಿವ ಎನ್.ಚಲುವರಾಯಸ್ವಾಮಿ ಅವರು ರೈತರಿಗೆ ಸಬ್ಸಿಡಿ ದರದಲ್ಲಿ ಶಕ್ತಿಮಾನ್ ಭತ್ತದ ಕಟಾವು ಯಂತ್ರ (ಪ್ಯಾಡಿ ಮಾಸ್ಟರ್ 3776) ವಿತರಿಸಿದರು. ಈ ಯಂತ್ರದ ಒಟ್ಟು ವೆಚ್ಚ 31,50,000/- ರೂಪಾಯಿಗಳಾಗಿದ್ದು, ಸರ್ಕಾರದ ಸಹಾಯಧನ 12,12,800/- ರೂ. ಹಾಗೂ ಫಲಾನುಭವಿ ವಂತಿಗೆ 19,37,200/- ರೂ. ಆಗಿದೆ. ರೈತರು ಯಾಂತ್ರೀಕರಣದ ಲಾಭ ಪಡೆದು ಕೃಷಿ ವೆಚ್ಚ ತಗ್ಗಿಸಿಕೊಳ್ಳಬೇಕು ಎಂದು ಸಚಿವರು ಸಲಹೆ ನೀಡಿದರು. ಕೃಷಿ ಇಲಾಖೆಯ ಜಂಟಿ ನಿರ್ದೇಶಕರು ಹಾಗೂ ಅಧಿಕಾರಿಗಳು ಉಪಸ್ಥಿತರಿದ್ದರು.
ಕುಮಾರಸ್ವಾಮಿ ಬಿರುದ್ಧ ಅವಹೇಳನಕಾರಿ ಹೇಳಿಕೆ
ಮಹಿಳೆ ವಿರುದ್ಧ ಜೆಡಿಎಸ್ ದೂರು
ಕೆ.ಆರ್.ಪೇಟೆ,ಜೂ.22- ಕೇಂದ್ರ ಸಚಿವ ಹೆಚ್.ಡಿ.ಕುಮಾರಸ್ವಾಮಿ ಅವರ ವಿರುದ್ಧ ಸಾಮಾಜಿಕ ಜಾಲತಾಣದಲ್ಲಿ ಅವಹೇಳನಕಾರಿ ಹೇಳಿಕೆ ನೀಡಿರುವ ಮಹಿಳೆಯ ವಿರುದ್ಧ ಕಾನೂನು ಕ್ರಮ ಕೈಗೊಳ್ಳಬೇಕು ಎಂದು ಒತ್ತಾಯಿಸಿ ಜೆಡಿಎಸ್ ಕಾರ್ಯಕರ್ತರು ಪೊಲೀಸ್ ಠಾಣೆಗೆ ದೂರು ನೀಡಿದರು. ನಾಯಕರ ಘನತೆಗೆ ಧಕ್ಕೆ ತರುವ ರೀತಿಯಲ್ಲಿ ಪೋಸ್ಟ್ ಮಾಡಲಾಗಿದ್ದು, ಇದರಿಂದ ಪಕ್ಷದ ಕಾರ್ಯಕರ್ತರ ಭಾವನೆಗೆ ನೋವುಂಟಾಗಿದೆ. ಕೂಡಲೇ ಆರೋಪಿಯನ್ನು ಪತ್ತೆ ಹಚ್ಚಿ ಬಂಧಿಸಬೇಕು ಎಂದು ಆಗ್ರಹಿಸಿದರು. ಈ ಸಂದರ್ಭದಲ್ಲಿ ಪಕ್ಷದ ತಾಲ್ಲೂಕು ಅಧ್ಯಕ್ಷರು, ಮುಖಂಡರು ಹಾಗೂ ಕಾರ್ಯಕರ್ತರು ಹಾಜರಿದ್ದರು.
ಕೆ.ಆರ್.ಪೇಟೆ,ಜೂ.22- ಕೇಂದ್ರ ಸಚಿವ ಹೆಚ್.ಡಿ.ಕುಮಾರಸ್ವಾಮಿ ಅವರ ವಿರುದ್ಧ ಸಾಮಾಜಿಕ ಜಾಲತಾಣದಲ್ಲಿ ಅವಹೇಳನಕಾರಿ ಹೇಳಿಕೆ ನೀಡಿರುವ ಮಹಿಳೆಯ ವಿರುದ್ಧ ಕಾನೂನು ಕ್ರಮ ಕೈಗೊಳ್ಳಬೇಕು ಎಂದು ಒತ್ತಾಯಿಸಿ ಜೆಡಿಎಸ್ ಕಾರ್ಯಕರ್ತರು ಪೊಲೀಸ್ ಠಾಣೆಗೆ ದೂರು ನೀಡಿದರು. ನಾಯಕರ ಘನತೆಗೆ ಧಕ್ಕೆ ತರುವ ರೀತಿಯಲ್ಲಿ ಪೋಸ್ಟ್ ಮಾಡಲಾಗಿದ್ದು, ಇದರಿಂದ ಪಕ್ಷದ ಕಾರ್ಯಕರ್ತರ ಭಾವನೆಗೆ ನೋವುಂಟಾಗಿದೆ. ಕೂಡಲೇ ಆರೋಪಿಯನ್ನು ಪತ್ತೆ ಹಚ್ಚಿ ಬಂಧಿಸಬೇಕು ಎಂದು ಆಗ್ರಹಿಸಿದರು. ಈ ಸಂದರ್ಭದಲ್ಲಿ ಪಕ್ಷದ ತಾಲ್ಲೂಕು ಅಧ್ಯಕ್ಷರು, ಮುಖಂಡರು ಹಾಗೂ ಕಾರ್ಯಕರ್ತರು ಹಾಜರಿದ್ದರು.
ಮಂಡ್ಯ ನಗರದ ಕೆಂಪೇಗೌಡ ಪಾರ್ಕ್ ಅಭಿವೃದ್ಧಿಗೆ ಕ್ರಮ
ಮಂಡ್ಯ,ಜೂ.22- ಮಂಡ್ಯ ನಗರದ ಪ್ರಮುಖ ಉದ್ಯಾನವನವಾದ ಕೆಂಪೇಗೌಡ ಪಾರ್ಕ್ ಅಭಿವೃದ್ಧಿಗೆ 10 ಕೋಟಿ ರೂ. ವೆಚ್ಚದಲ್ಲಿ ಕ್ರಿಯಾ ಯೋಜನೆ ರೂಪಿಸಲಾಗಿದೆ ಎಂದು ಶಾಸಕರು ತಿಳಿಸಿದರು. ಪಾರ್ಕ್‌ನಲ್ಲಿ ವಾಯು ವಿಹಾರ ಪಥ, ಮಕ್ಕಳ ಆಟದ ಮೈದಾನ, ಹಸಿರು ಹುಲ್ಲುಹಾಸು ಹಾಗೂ ವಿದ್ಯುತ್ ದೀಪಗಳ ವ್ಯವಸ್ಥೆ ಕಲ್ಪಿಸಲಾಗುವುದು. ಸಾರ್ವಜನಿಕರ ಅನುಕೂಲಕ್ಕಾಗಿ ಕುಡಿಯುವ ನೀರು ಹಾಗೂ ಶೌಚಾಲಯ ನಿರ್ಮಿಸಲಾಗುವುದು. ಕಾಮಗಾರಿಯನ್ನು ಶೀಘ್ರದಲ್ಲಿ ಆರಂಭಿಸಿ ನಿಗದಿತ ಅವಧಿಯಲ್ಲಿ ಪೂರ್ಣಗೊಳಿಸಲು ಅಧಿಕಾರಿಗಳಿಗೆ ಸೂಚನೆ ನೀಡಲಾಗಿದೆ ಎಂದು ಹೇಳಿದರು.
